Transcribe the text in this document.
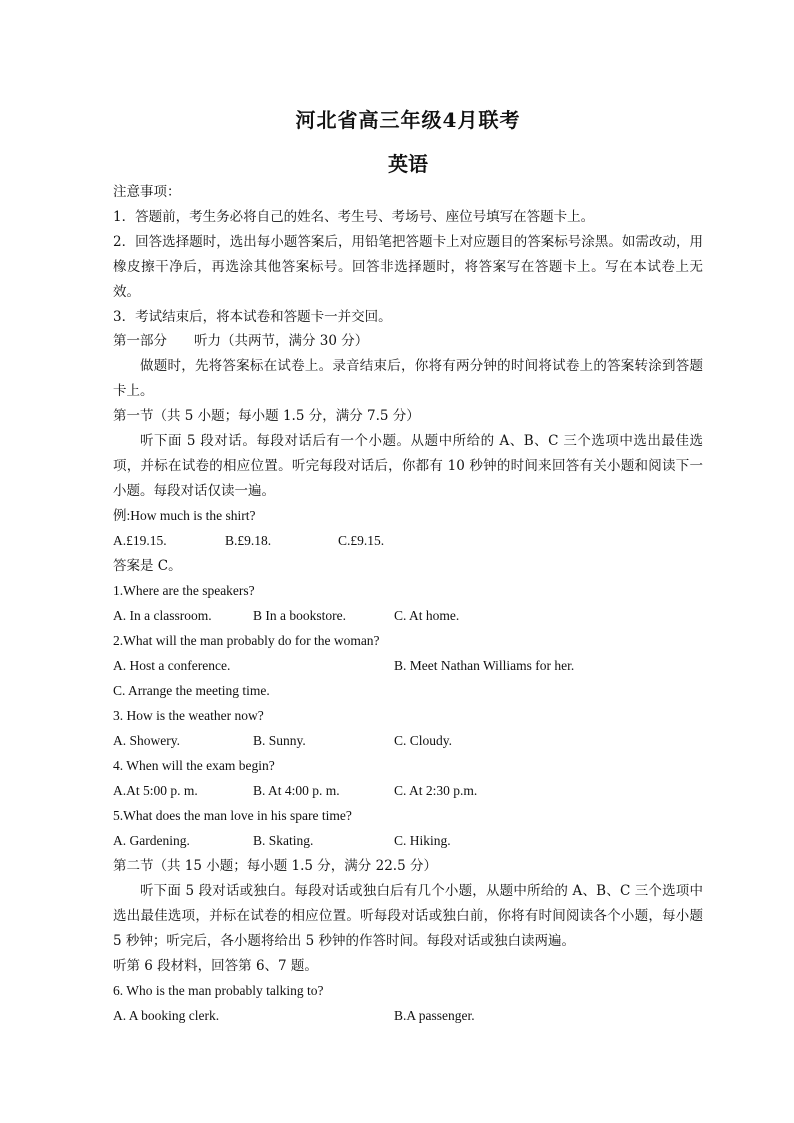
河北省高三年级4月联考
英语
注意事项：
1．答题前，考生务必将自己的姓名、考生号、考场号、座位号填写在答题卡上。
2．回答选择题时，选出每小题答案后，用铅笔把答题卡上对应题目的答案标号涂黑。如需改动，用橡皮擦干净后，再选涂其他答案标号。回答非选择题时，将答案写在答题卡上。写在本试卷上无效。
3．考试结束后，将本试卷和答题卡一并交回。
第一部分　　听力（共两节，满分 30 分）
做题时，先将答案标在试卷上。录音结束后，你将有两分钟的时间将试卷上的答案转涂到答题卡上。
第一节（共 5 小题；每小题 1.5 分，满分 7.5 分）
听下面 5 段对话。每段对话后有一个小题。从题中所给的 A、B、C 三个选项中选出最佳选项，并标在试卷的相应位置。听完每段对话后，你都有 10 秒钟的时间来回答有关小题和阅读下一小题。每段对话仅读一遍。
例:How much is the shirt?
A.£19.15.	B.£9.18.	C.£9.15.
答案是 C。
1.Where are the speakers?
A. In a classroom.	B In a bookstore.	C. At home.
2.What will the man probably do for the woman?
A. Host a conference.	B. Meet Nathan Williams for her.
C. Arrange the meeting time.
3. How is the weather now?
A. Showery.	B. Sunny.	C. Cloudy.
4. When will the exam begin?
A.At 5:00 p. m.	B. At 4:00 p. m.	C. At 2:30 p.m.
5.What does the man love in his spare time?
A. Gardening.	B. Skating.	C. Hiking.
第二节（共 15 小题；每小题 1.5 分，满分 22.5 分）
听下面 5 段对话或独白。每段对话或独白后有几个小题，从题中所给的 A、B、C 三个选项中选出最佳选项，并标在试卷的相应位置。听每段对话或独白前，你将有时间阅读各个小题，每小题 5 秒钟；听完后，各小题将给出 5 秒钟的作答时间。每段对话或独白读两遍。
听第 6 段材料，回答第 6、7 题。
6. Who is the man probably talking to?
A. A booking clerk.	B.A passenger.
